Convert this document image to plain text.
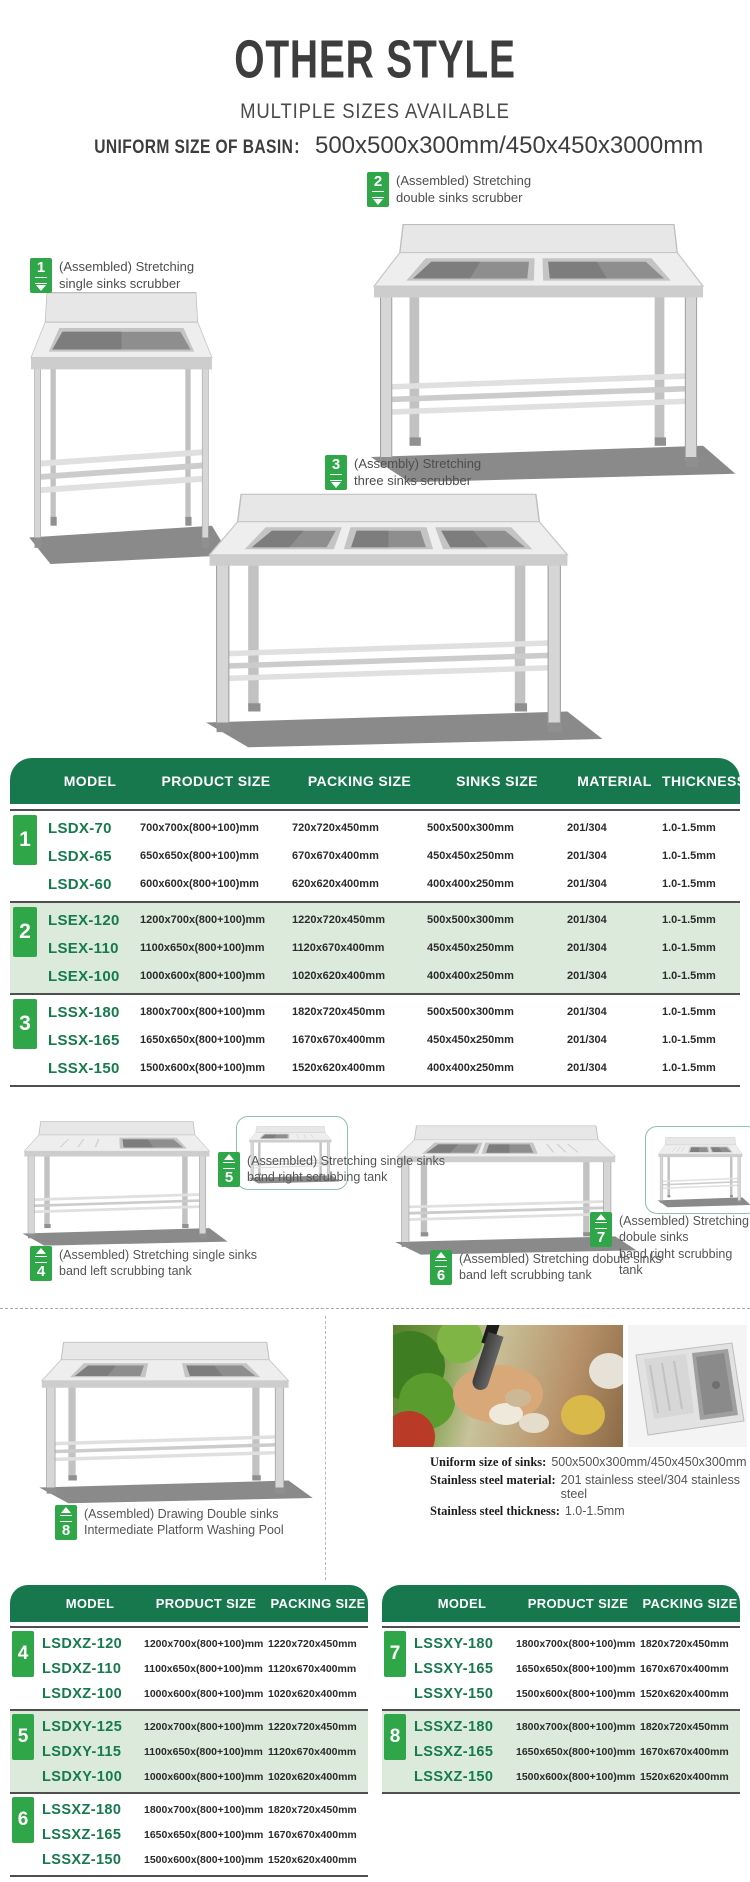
OTHER STYLE
MULTIPLE SIZES AVAILABLE
UNIFORM SIZE OF BASIN： 500x500x300mm/450x450x3000mm
1 (Assembled) Stretching
single sinks scrubber
2 (Assembled) Stretching
double sinks scrubber
3 (Assembly) Stretching
three sinks scrubber
MODEL	PRODUCT SIZE	PACKING SIZE	SINKS SIZE	MATERIAL THICKNESS
1	LSDX-70	700x700x(800+100)mm	720x720x450mm	500x500x300mm	201/304	1.0-1.5mm
LSDX-65	650x650x(800+100)mm	670x670x400mm	450x450x250mm	201/304	1.0-1.5mm
LSDX-60	600x600x(800+100)mm	620x620x400mm	400x400x250mm	201/304	1.0-1.5mm
2	LSEX-120	1200x700x(800+100)mm	1220x720x450mm	500x500x300mm	201/304	1.0-1.5mm
LSEX-110	1100x650x(800+100)mm	1120x670x400mm	450x450x250mm	201/304	1.0-1.5mm
LSEX-100	1000x600x(800+100)mm	1020x620x400mm	400x400x250mm	201/304	1.0-1.5mm
3	LSSX-180	1800x700x(800+100)mm	1820x720x450mm	500x500x300mm	201/304	1.0-1.5mm
LSSX-165	1650x650x(800+100)mm	1670x670x400mm	450x450x250mm	201/304	1.0-1.5mm
LSSX-150	1500x600x(800+100)mm	1520x620x400mm	400x400x250mm	201/304	1.0-1.5mm
4
(Assembled) Stretching single sinks
band left scrubbing tank
5
(Assembled) Stretching single sinks
band right scrubbing tank
6
(Assembled) Stretching dobule sinks
band left scrubbing tank
7
(Assembled) Stretching dobule sinks
band right scrubbing tank
8
(Assembled) Drawing Double sinks
Intermediate Platform Washing Pool
Uniform size of sinks: 500x500x300mm/450x450x300mm
Stainless steel material: 201 stainless steel/304 stainless steel
Stainless steel thickness: 1.0-1.5mm
MODEL	PRODUCT SIZE	PACKING SIZE
4 LSDXZ-120	1200x700x(800+100)mm 1220x720x450mm
LSDXZ-110	1100x650x(800+100)mm 1120x670x400mm
LSDXZ-100	1000x600x(800+100)mm 1020x620x400mm
5 LSDXY-125	1200x700x(800+100)mm 1220x720x450mm
LSDXY-115	1100x650x(800+100)mm 1120x670x400mm
LSDXY-100	1000x600x(800+100)mm 1020x620x400mm
6 LSSXZ-180	1800x700x(800+100)mm 1820x720x450mm
LSSXZ-165	1650x650x(800+100)mm 1670x670x400mm
LSSXZ-150	1500x600x(800+100)mm 1520x620x400mm
MODEL	PRODUCT SIZE	PACKING SIZE
7 LSSXY-180	1800x700x(800+100)mm 1820x720x450mm
LSSXY-165	1650x650x(800+100)mm 1670x670x400mm
LSSXY-150	1500x600x(800+100)mm 1520x620x400mm
8 LSSXZ-180	1800x700x(800+100)mm 1820x720x450mm
LSSXZ-165	1650x650x(800+100)mm 1670x670x400mm
LSSXZ-150	1500x600x(800+100)mm 1520x620x400mm
